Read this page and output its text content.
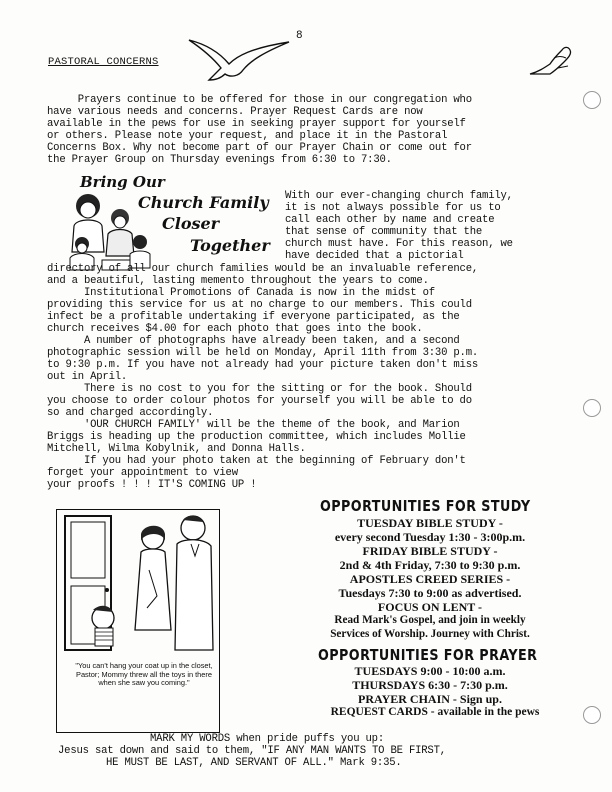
8
PASTORAL CONCERNS
Prayers continue to be offered for those in our congregation who
have various needs and concerns. Prayer Request Cards are now
available in the pews for use in seeking prayer support for yourself
or others. Please note your request, and place it in the Pastoral
Concerns Box. Why not become part of our Prayer Chain or come out for
the Prayer Group on Thursday evenings from 6:30 to 7:30.
Bring Our
Church Family
Closer
Together
With our ever-changing church family,
it is not always possible for us to
call each other by name and create
that sense of community that the
church must have. For this reason, we
have decided that a pictorial
directory of all our church families would be an invaluable reference,
and a beautiful, lasting memento throughout the years to come.
Institutional Promotions of Canada is now in the midst of
providing this service for us at no charge to our members. This could
infect be a profitable undertaking if everyone participated, as the
church receives $4.00 for each photo that goes into the book.
A number of photographs have already been taken, and a second
photographic session will be held on Monday, April 11th from 3:30 p.m.
to 9:30 p.m. If you have not already had your picture taken don't miss
out in April.
There is no cost to you for the sitting or for the book. Should
you choose to order colour photos for yourself you will be able to do
so and charged accordingly.
'OUR CHURCH FAMILY' will be the theme of the book, and Marion
Briggs is heading up the production committee, which includes Mollie
Mitchell, Wilma Kobylnik, and Donna Halls.
If you had your photo taken at the beginning of February don't
forget your appointment to view
your proofs ! ! ! IT'S COMING UP !
"You can't hang your coat up in the closet, Pastor; Mommy threw all the toys in there when she saw you coming."
OPPORTUNITIES FOR STUDY
TUESDAY BIBLE STUDY -
every second Tuesday 1:30 - 3:00p.m.
FRIDAY BIBLE STUDY -
2nd & 4th Friday, 7:30 to 9:30 p.m.
APOSTLES CREED SERIES -
Tuesdays 7:30 to 9:00 as advertised.
FOCUS ON LENT -
Read Mark's Gospel, and join in weekly
Services of Worship. Journey with Christ.
OPPORTUNITIES FOR PRAYER
TUESDAYS 9:00 - 10:00 a.m.
THURSDAYS 6:30 - 7:30 p.m.
PRAYER CHAIN - Sign up.
REQUEST CARDS - available in the pews
MARK MY WORDS when pride puffs you up:
Jesus sat down and said to them, "IF ANY MAN WANTS TO BE FIRST,
HE MUST BE LAST, AND SERVANT OF ALL." Mark 9:35.
